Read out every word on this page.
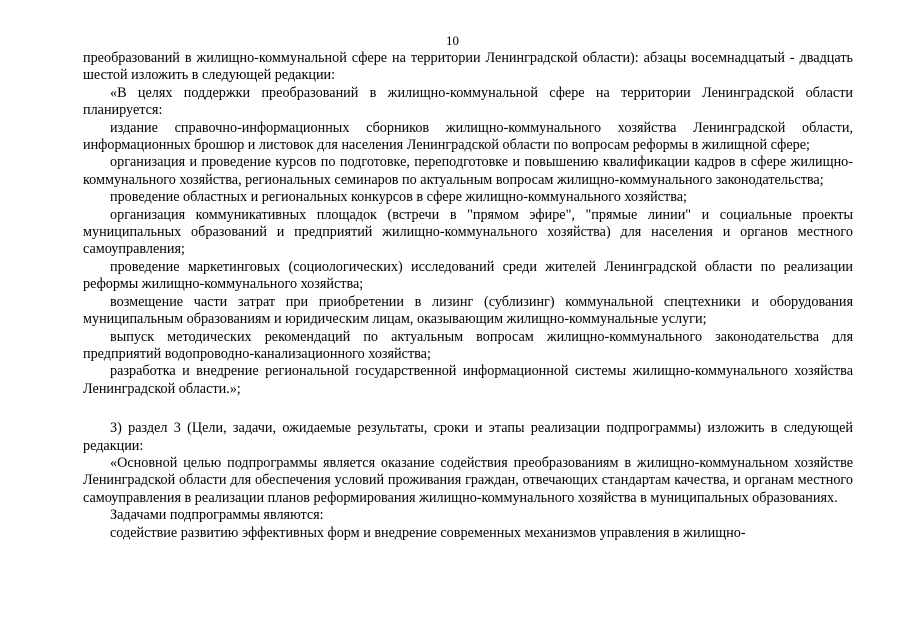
10

преобразований в жилищно-коммунальной сфере на территории Ленинградской области): абзацы восемнадцатый - двадцать шестой изложить в следующей редакции:

«В целях поддержки преобразований в жилищно-коммунальной сфере на территории Ленинградской области планируется:

издание справочно-информационных сборников жилищно-коммунального хозяйства Ленинградской области, информационных брошюр и листовок для населения Ленинградской области по вопросам реформы в жилищной сфере;

организация и проведение курсов по подготовке, переподготовке и повышению квалификации кадров в сфере жилищно-коммунального хозяйства, региональных семинаров по актуальным вопросам жилищно-коммунального законодательства;

проведение областных и региональных конкурсов в сфере жилищно-коммунального хозяйства;

организация коммуникативных площадок (встречи в "прямом эфире", "прямые линии" и социальные проекты муниципальных образований и предприятий жилищно-коммунального хозяйства) для населения и органов местного самоуправления;

проведение маркетинговых (социологических) исследований среди жителей Ленинградской области по реализации реформы жилищно-коммунального хозяйства;

возмещение части затрат при приобретении в лизинг (сублизинг) коммунальной спецтехники и оборудования муниципальным образованиям и юридическим лицам, оказывающим жилищно-коммунальные услуги;

выпуск методических рекомендаций по актуальным вопросам жилищно-коммунального законодательства для предприятий водопроводно-канализационного хозяйства;

разработка и внедрение региональной государственной информационной системы жилищно-коммунального хозяйства Ленинградской области.»;

3) раздел 3 (Цели, задачи, ожидаемые результаты, сроки и этапы реализации подпрограммы) изложить в следующей редакции:

«Основной целью подпрограммы является оказание содействия преобразованиям в жилищно-коммунальном хозяйстве Ленинградской области для обеспечения условий проживания граждан, отвечающих стандартам качества, и органам местного самоуправления в реализации планов реформирования жилищно-коммунального хозяйства в муниципальных образованиях.

Задачами подпрограммы являются:

содействие развитию эффективных форм и внедрение современных механизмов управления в жилищно-
